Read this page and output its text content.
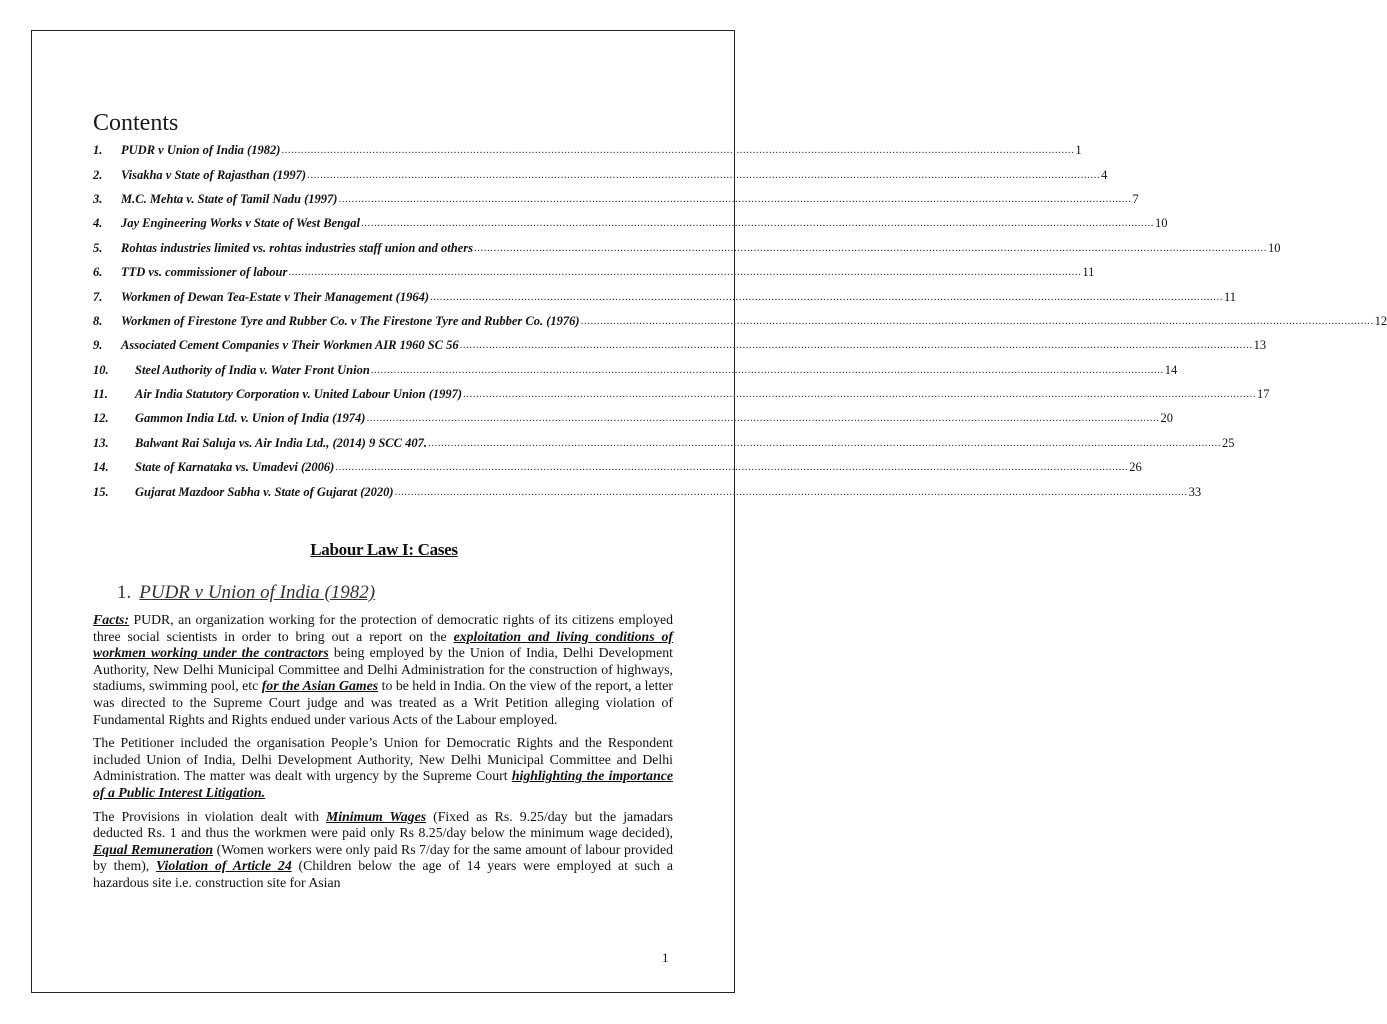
Contents
1.	PUDR v Union of India (1982) .....	1
2.	Visakha v State of Rajasthan (1997) .....	4
3.	M.C. Mehta v. State of Tamil Nadu (1997) .....	7
4.	Jay Engineering Works v State of West Bengal .....	10
5.	Rohtas industries limited vs. rohtas industries staff union and others .....	10
6.	TTD vs. commissioner of labour .....	11
7.	Workmen of Dewan Tea-Estate v Their Management (1964) .....	11
8.	Workmen of Firestone Tyre and Rubber Co. v The Firestone Tyre and Rubber Co. (1976) .....	12
9.	Associated Cement Companies v Their Workmen AIR 1960 SC 56 .....	13
10.	Steel Authority of India v. Water Front Union .....	14
11.	Air India Statutory Corporation v. United Labour Union (1997) .....	17
12.	Gammon India Ltd. v. Union of India (1974) .....	20
13.	Balwant Rai Saluja vs. Air India Ltd., (2014) 9 SCC 407. .....	25
14.	State of Karnataka vs. Umadevi (2006) .....	26
15.	Gujarat Mazdoor Sabha v. State of Gujarat (2020) .....	33
Labour Law I: Cases
1. PUDR v Union of India (1982)

Facts: PUDR, an organization working for the protection of democratic rights of its citizens employed three social scientists in order to bring out a report on the exploitation and living conditions of workmen working under the contractors being employed by the Union of India, Delhi Development Authority, New Delhi Municipal Committee and Delhi Administration for the construction of highways, stadiums, swimming pool, etc for the Asian Games to be held in India. On the view of the report, a letter was directed to the Supreme Court judge and was treated as a Writ Petition alleging violation of Fundamental Rights and Rights endued under various Acts of the Labour employed.

The Petitioner included the organisation People’s Union for Democratic Rights and the Respondent included Union of India, Delhi Development Authority, New Delhi Municipal Committee and Delhi Administration. The matter was dealt with urgency by the Supreme Court highlighting the importance of a Public Interest Litigation.

The Provisions in violation dealt with Minimum Wages (Fixed as Rs. 9.25/day but the jamadars deducted Rs. 1 and thus the workmen were paid only Rs 8.25/day below the minimum wage decided), Equal Remuneration (Women workers were only paid Rs 7/day for the same amount of labour provided by them), Violation of Article 24 (Children below the age of 14 years were employed at such a hazardous site i.e. construction site for Asian

1
